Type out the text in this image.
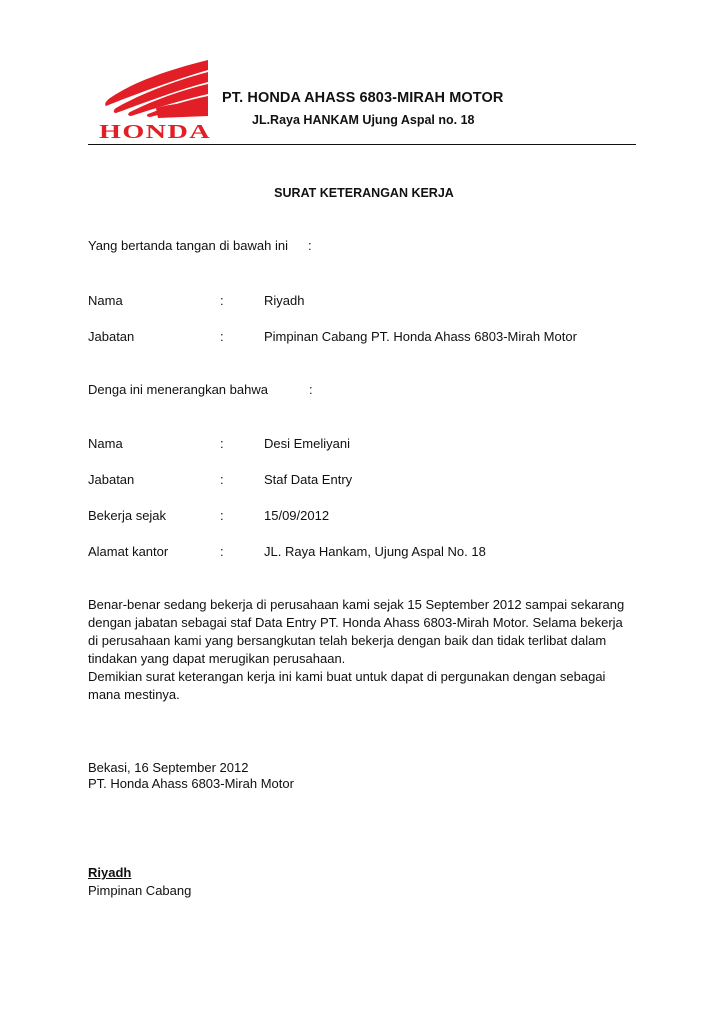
HONDA
PT. HONDA AHASS 6803-MIRAH MOTOR
JL.Raya HANKAM Ujung Aspal no. 18
SURAT KETERANGAN KERJA
Yang bertanda tangan di bawah ini :
Nama	:	Riyadh
Jabatan	:	Pimpinan Cabang PT. Honda Ahass 6803-Mirah Motor
Denga ini menerangkan bahwa	:
Nama	:	Desi Emeliyani
Jabatan	:	Staf Data Entry
Bekerja sejak	:	15/09/2012
Alamat kantor	:	JL. Raya Hankam, Ujung Aspal No. 18

Benar-benar sedang bekerja di perusahaan kami sejak 15 September 2012 sampai sekarang dengan jabatan sebagai staf Data Entry PT. Honda Ahass 6803-Mirah Motor. Selama bekerja di perusahaan kami yang bersangkutan telah bekerja dengan baik dan tidak terlibat dalam tindakan yang dapat merugikan perusahaan.

Demikian surat keterangan kerja ini kami buat untuk dapat di pergunakan dengan sebagai mana mestinya.

Bekasi, 16 September 2012
PT. Honda Ahass 6803-Mirah Motor
Riyadh
Pimpinan Cabang
